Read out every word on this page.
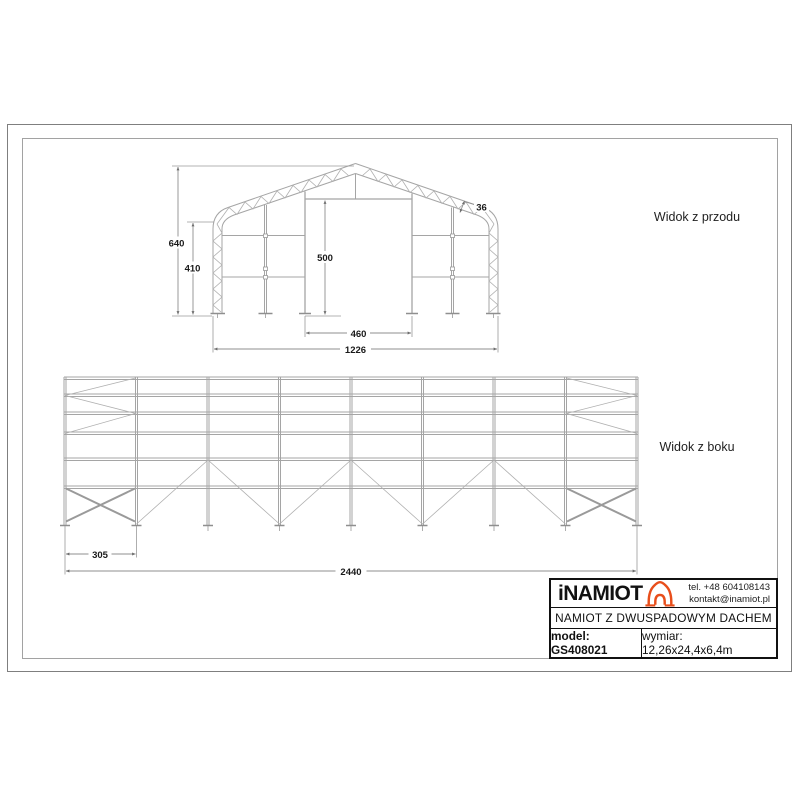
640
410
500
460
1226
36
305
2440
Widok z przodu
Widok z boku
iNAMIOT	tel. +48 604108143
kontakt@inamiot.pl
NAMIOT Z DWUSPADOWYM DACHEM
model: GS408021
wymiar: 12,26x24,4x6,4m
